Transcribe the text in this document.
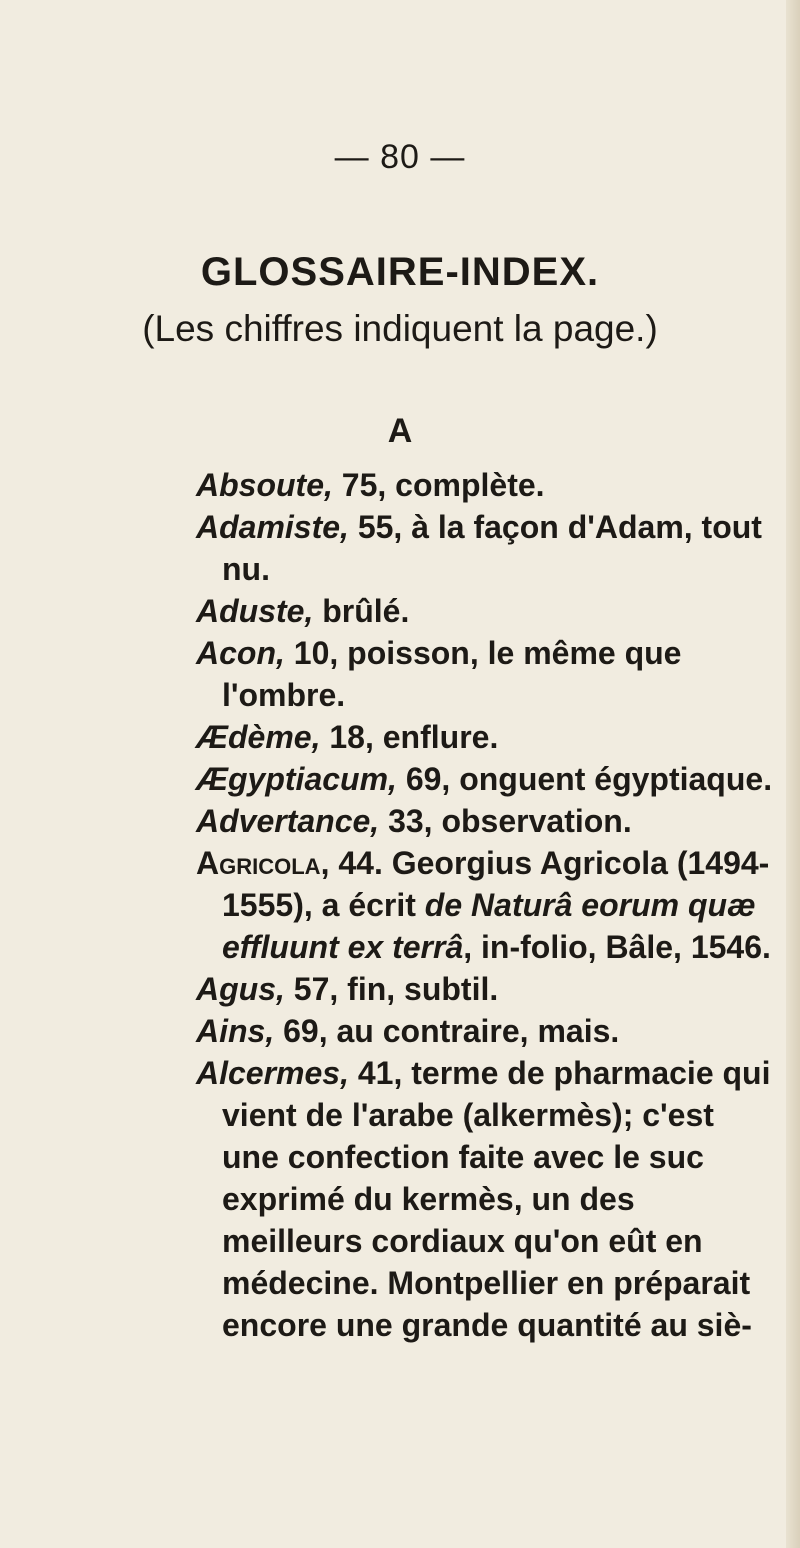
— 80 —
GLOSSAIRE-INDEX.
(Les chiffres indiquent la page.)
A

Absoute, 75, complète.

Adamiste, 55, à la façon d'Adam, tout nu.

Aduste, brûlé.

Acon, 10, poisson, le même que l'ombre.

Ædème, 18, enflure.

Ægyptiacum, 69, onguent égyptiaque.

Advertance, 33, observation.

Agricola, 44. Georgius Agricola (1494-1555), a écrit de Naturâ eorum quæ effluunt ex terrâ, in-folio, Bâle, 1546.

Agus, 57, fin, subtil.

Ains, 69, au contraire, mais.

Alcermes, 41, terme de pharmacie qui vient de l'arabe (alkermès); c'est une confection faite avec le suc exprimé du kermès, un des meilleurs cordiaux qu'on eût en médecine. Montpellier en préparait encore une grande quantité au siè-
